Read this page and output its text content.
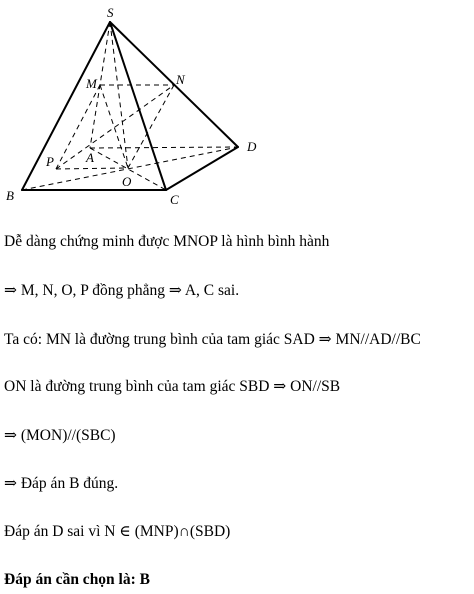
S
M	N
D
A
P
O
B	C
Dễ dàng chứng minh được MNOP là hình bình hành
⇒ M, N, O, P đồng phẳng ⇒ A, C sai.
Ta có: MN là đường trung bình của tam giác SAD ⇒ MN//AD//BC
ON là đường trung bình của tam giác SBD ⇒ ON//SB
⇒ (MON)//(SBC)
⇒ Đáp án B đúng.
Đáp án D sai vì N ∈ (MNP)∩(SBD)
Đáp án cần chọn là: B
